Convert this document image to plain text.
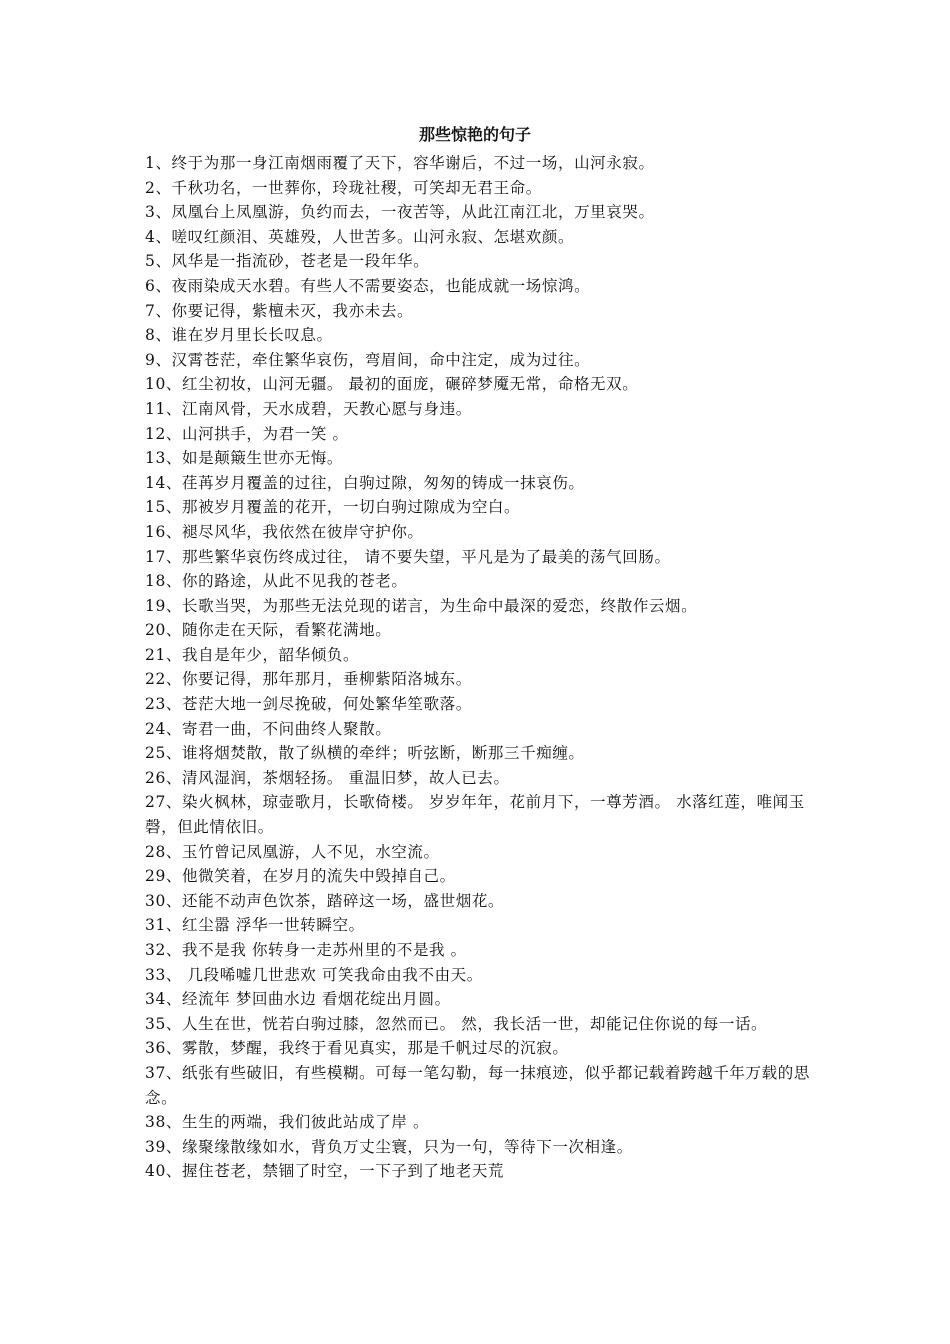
那些惊艳的句子
1、终于为那一身江南烟雨覆了天下，容华谢后，不过一场，山河永寂。
2、千秋功名，一世葬你，玲珑社稷，可笑却无君王命。
3、凤凰台上凤凰游，负约而去，一夜苦等，从此江南江北，万里哀哭。
4、嗟叹红颜泪、英雄殁，人世苦多。山河永寂、怎堪欢颜。
5、风华是一指流砂，苍老是一段年华。
6、夜雨染成天水碧。有些人不需要姿态，也能成就一场惊鸿。
7、你要记得，紫檀未灭，我亦未去。
8、谁在岁月里长长叹息。
9、汉霄苍茫，牵住繁华哀伤，弯眉间，命中注定，成为过往。
10、红尘初妆，山河无疆。 最初的面庞，碾碎梦魇无常，命格无双。
11、江南风骨，天水成碧，天教心愿与身违。
12、山河拱手，为君一笑 。
13、如是颠簸生世亦无悔。
14、荏苒岁月覆盖的过往，白驹过隙，匆匆的铸成一抹哀伤。
15、那被岁月覆盖的花开，一切白驹过隙成为空白。
16、褪尽风华，我依然在彼岸守护你。
17、那些繁华哀伤终成过往， 请不要失望，平凡是为了最美的荡气回肠。
18、你的路途，从此不见我的苍老。
19、长歌当哭，为那些无法兑现的诺言，为生命中最深的爱恋，终散作云烟。
20、随你走在天际，看繁花满地。
21、我自是年少，韶华倾负。
22、你要记得，那年那月，垂柳紫陌洛城东。
23、苍茫大地一剑尽挽破，何处繁华笙歌落。
24、寄君一曲，不问曲终人聚散。
25、谁将烟焚散，散了纵横的牵绊；听弦断，断那三千痴缠。
26、清风湿润，茶烟轻扬。 重温旧梦，故人已去。
27、染火枫林，琼壶歌月，长歌倚楼。 岁岁年年，花前月下，一尊芳酒。 水落红莲，唯闻玉磬，但此情依旧。
28、玉竹曾记凤凰游，人不见，水空流。
29、他微笑着，在岁月的流失中毁掉自己。
30、还能不动声色饮茶，踏碎这一场，盛世烟花。
31、红尘嚣 浮华一世转瞬空。
32、我不是我 你转身一走苏州里的不是我 。
33、 几段唏嘘几世悲欢 可笑我命由我不由天。
34、经流年 梦回曲水边 看烟花绽出月圆。
35、人生在世，恍若白驹过膝，忽然而已。 然，我长活一世，却能记住你说的每一话。
36、雾散，梦醒，我终于看见真实，那是千帆过尽的沉寂。
37、纸张有些破旧，有些模糊。可每一笔勾勒，每一抹痕迹，似乎都记载着跨越千年万载的思念。
38、生生的两端，我们彼此站成了岸 。
39、缘聚缘散缘如水，背负万丈尘寰，只为一句，等待下一次相逢。
40、握住苍老，禁锢了时空，一下子到了地老天荒
